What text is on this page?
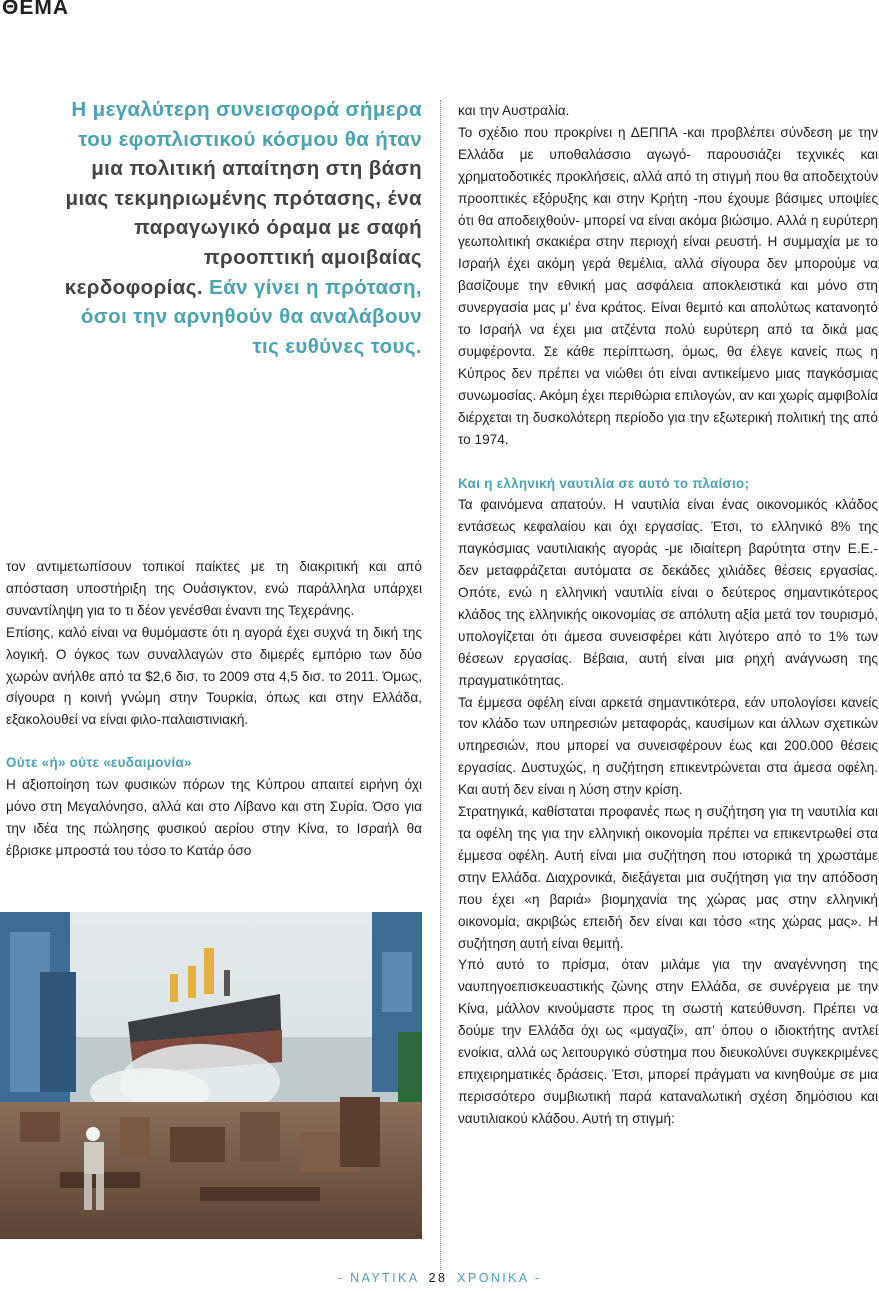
ΘΕΜΑ
Η μεγαλύτερη συνεισφορά σήμερα του εφοπλιστικού κόσμου θα ήταν μια πολιτική απαίτηση στη βάση μιας τεκμηριωμένης πρότασης, ένα παραγωγικό όραμα με σαφή προοπτική αμοιβαίας κερδοφορίας. Εάν γίνει η πρόταση, όσοι την αρνηθούν θα αναλάβουν τις ευθύνες τους.

τον αντιμετωπίσουν τοπικοί παίκτες με τη διακριτική και από απόσταση υποστήριξη της Ουάσιγκτον, ενώ παράλληλα υπάρχει συναντίληψη για το τι δέον γενέσθαι έναντι της Τεχεράνης.

Επίσης, καλό είναι να θυμόμαστε ότι η αγορά έχει συχνά τη δική της λογική. Ο όγκος των συναλλαγών στο διμερές εμπόριο των δύο χωρών ανήλθε από τα $2,6 δισ. το 2009 στα 4,5 δισ. το 2011. Όμως, σίγουρα η κοινή γνώμη στην Τουρκία, όπως και στην Ελλάδα, εξακολουθεί να είναι φιλο-παλαιστινιακή.

Ούτε «ή» ούτε «ευδαιμονία»

Η αξιοποίηση των φυσικών πόρων της Κύπρου απαιτεί ειρήνη όχι μόνο στη Μεγαλόνησο, αλλά και στο Λίβανο και στη Συρία. Όσο για την ιδέα της πώλησης φυσικού αερίου στην Κίνα, το Ισραήλ θα έβρισκε μπροστά του τόσο το Κατάρ όσο

και την Αυστραλία.

Το σχέδιο που προκρίνει η ΔΕΠΠΑ -και προβλέπει σύνδεση με την Ελλάδα με υποθαλάσσιο αγωγό- παρουσιάζει τεχνικές και χρηματοδοτικές προκλήσεις, αλλά από τη στιγμή που θα αποδειχτούν προοπτικές εξόρυξης και στην Κρήτη -που έχουμε βάσιμες υποψίες ότι θα αποδειχθούν- μπορεί να είναι ακόμα βιώσιμο. Αλλά η ευρύτερη γεωπολιτική σκακιέρα στην περιοχή είναι ρευστή. Η συμμαχία με το Ισραήλ έχει ακόμη γερά θεμέλια, αλλά σίγουρα δεν μπορούμε να βασίζουμε την εθνική μας ασφάλεια αποκλειστικά και μόνο στη συνεργασία μας μ’ ένα κράτος. Είναι θεμιτό και απολύτως κατανοητό το Ισραήλ να έχει μια ατζέντα πολύ ευρύτερη από τα δικά μας συμφέροντα. Σε κάθε περίπτωση, όμως, θα έλεγε κανείς πως η Κύπρος δεν πρέπει να νιώθει ότι είναι αντικείμενο μιας παγκόσμιας συνωμοσίας. Ακόμη έχει περιθώρια επιλογών, αν και χωρίς αμφιβολία διέρχεται τη δυσκολότερη περίοδο για την εξωτερική πολιτική της από το 1974.

Και η ελληνική ναυτιλία σε αυτό το πλαίσιο;

Τα φαινόμενα απατούν. Η ναυτιλία είναι ένας οικονομικός κλάδος εντάσεως κεφαλαίου και όχι εργασίας. Έτσι, το ελληνικό 8% της παγκόσμιας ναυτιλιακής αγοράς -με ιδιαίτερη βαρύτητα στην Ε.Ε.- δεν μεταφράζεται αυτόματα σε δεκάδες χιλιάδες θέσεις εργασίας. Οπότε, ενώ η ελληνική ναυτιλία είναι ο δεύτερος σημαντικότερος κλάδος της ελληνικής οικονομίας σε απόλυτη αξία μετά τον τουρισμό, υπολογίζεται ότι άμεσα συνεισφέρει κάτι λιγότερο από το 1% των θέσεων εργασίας. Βέβαια, αυτή είναι μια ρηχή ανάγνωση της πραγματικότητας.

Τα έμμεσα οφέλη είναι αρκετά σημαντικότερα, εάν υπολογίσει κανείς τον κλάδο των υπηρεσιών μεταφοράς, καυσίμων και άλλων σχετικών υπηρεσιών, που μπορεί να συνεισφέρουν έως και 200.000 θέσεις εργασίας. Δυστυχώς, η συζήτηση επικεντρώνεται στα άμεσα οφέλη. Και αυτή δεν είναι η λύση στην κρίση.

Στρατηγικά, καθίσταται προφανές πως η συζήτηση για τη ναυτιλία και τα οφέλη της για την ελληνική οικονομία πρέπει να επικεντρωθεί στα έμμεσα οφέλη. Αυτή είναι μια συζήτηση που ιστορικά τη χρωστάμε στην Ελλάδα. Διαχρονικά, διεξάγεται μια συζήτηση για την απόδοση που έχει «η βαριά» βιομηχανία της χώρας μας στην ελληνική οικονομία, ακριβώς επειδή δεν είναι και τόσο «της χώρας μας». Η συζήτηση αυτή είναι θεμιτή.

Υπό αυτό το πρίσμα, όταν μιλάμε για την αναγέννηση της ναυπηγοεπισκευαστικής ζώνης στην Ελλάδα, σε συνέργεια με την Κίνα, μάλλον κινούμαστε προς τη σωστή κατεύθυνση. Πρέπει να δούμε την Ελλάδα όχι ως «μαγαζί», απ’ όπου ο ιδιοκτήτης αντλεί ενοίκια, αλλά ως λειτουργικό σύστημα που διευκολύνει συγκεκριμένες επιχειρηματικές δράσεις. Έτσι, μπορεί πράγματι να κινηθούμε σε μια περισσότερο συμβιωτική παρά καταναλωτική σχέση δημόσιου και ναυτιλιακού κλάδου. Αυτή τη στιγμή:

- ΝΑΥΤΙΚΑ 28 ΧΡΟΝΙΚΑ -
